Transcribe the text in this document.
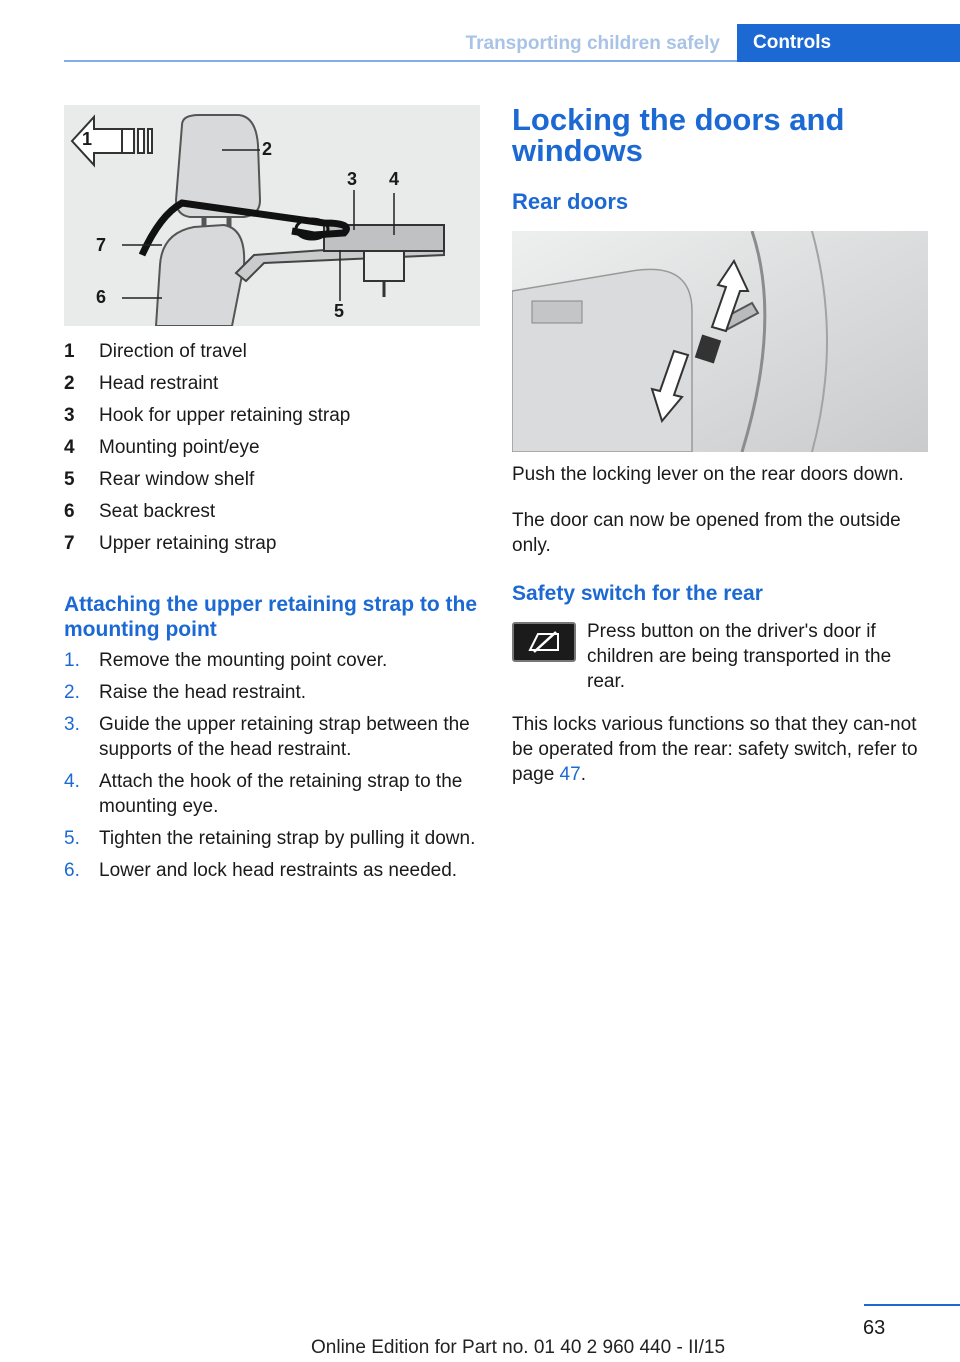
Transporting children safely	Controls
1	2
3 4
5
6
7
1	Direction of travel
2	Head restraint
3	Hook for upper retaining strap
4	Mounting point/eye
5	Rear window shelf
6	Seat backrest
7	Upper retaining strap
Attaching the upper retaining strap to the mounting point
1.	Remove the mounting point cover.
2.	Raise the head restraint.
3.	Guide the upper retaining strap between the supports of the head restraint.
4.	Attach the hook of the retaining strap to the mounting eye.
5.	Tighten the retaining strap by pulling it down.
6.	Lower and lock head restraints as needed.
Locking the doors and windows
Rear doors
Push the locking lever on the rear doors down.
The door can now be opened from the outside only.
Safety switch for the rear
Press button on the driver's door if children are being transported in the rear.
This locks various functions so that they can‐not be operated from the rear: safety switch, refer to page 47.
63
Online Edition for Part no. 01 40 2 960 440 - II/15
